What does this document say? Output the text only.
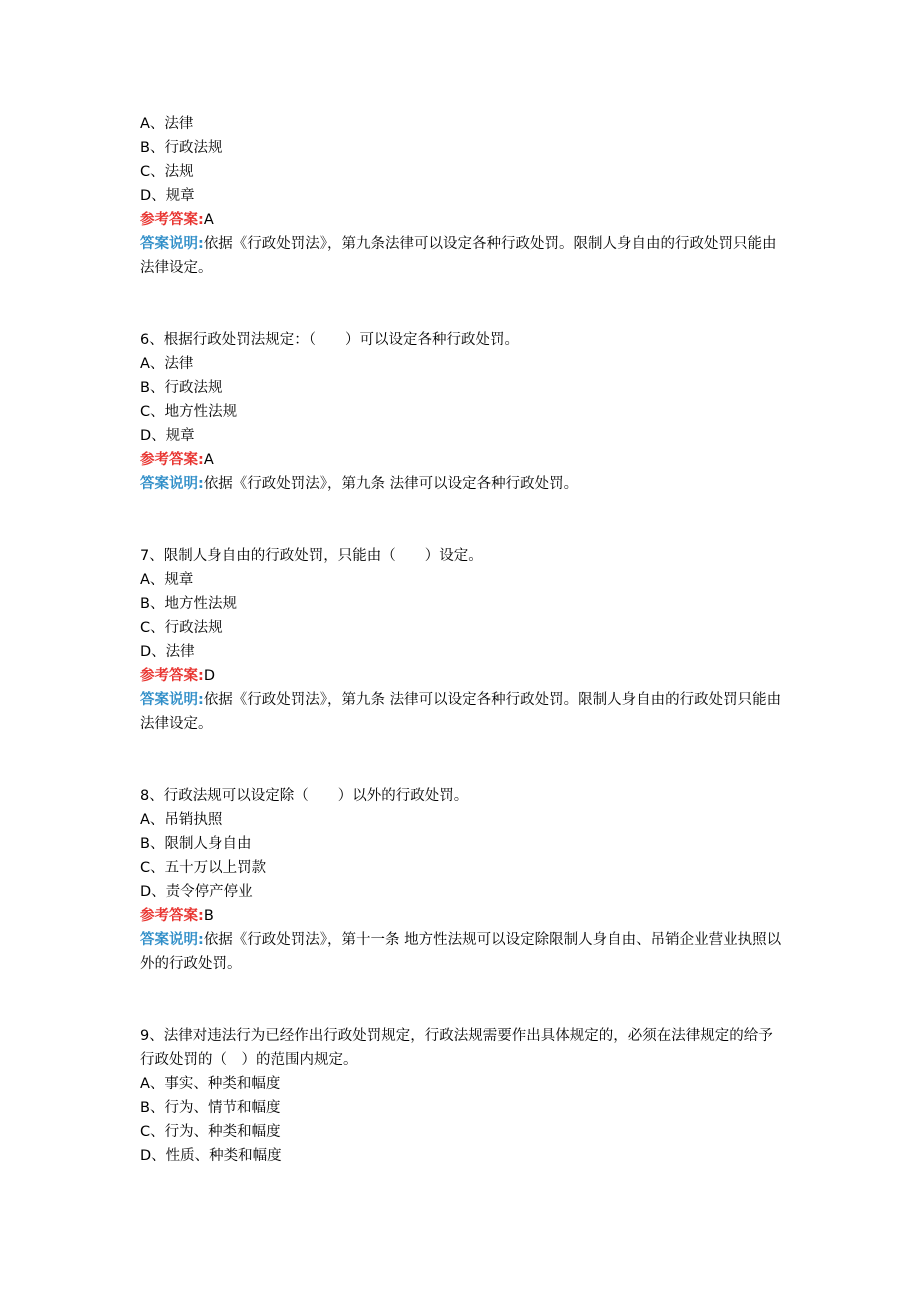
A、法律

B、行政法规

C、法规

D、规章

参考答案:A

答案说明:依据《行政处罚法》，第九条法律可以设定各种行政处罚。限制人身自由的行政处罚只能由法律设定。

6、根据行政处罚法规定：（　　）可以设定各种行政处罚。

A、法律

B、行政法规

C、地方性法规

D、规章

参考答案:A

答案说明:依据《行政处罚法》，第九条 法律可以设定各种行政处罚。

7、限制人身自由的行政处罚，只能由（　　）设定。

A、规章

B、地方性法规

C、行政法规

D、法律

参考答案:D

答案说明:依据《行政处罚法》，第九条 法律可以设定各种行政处罚。限制人身自由的行政处罚只能由法律设定。

8、行政法规可以设定除（　　）以外的行政处罚。

A、吊销执照

B、限制人身自由

C、五十万以上罚款

D、责令停产停业

参考答案:B

答案说明:依据《行政处罚法》，第十一条 地方性法规可以设定除限制人身自由、吊销企业营业执照以外的行政处罚。

9、法律对违法行为已经作出行政处罚规定，行政法规需要作出具体规定的，必须在法律规定的给予行政处罚的（　）的范围内规定。

A、事实、种类和幅度

B、行为、情节和幅度

C、行为、种类和幅度

D、性质、种类和幅度
